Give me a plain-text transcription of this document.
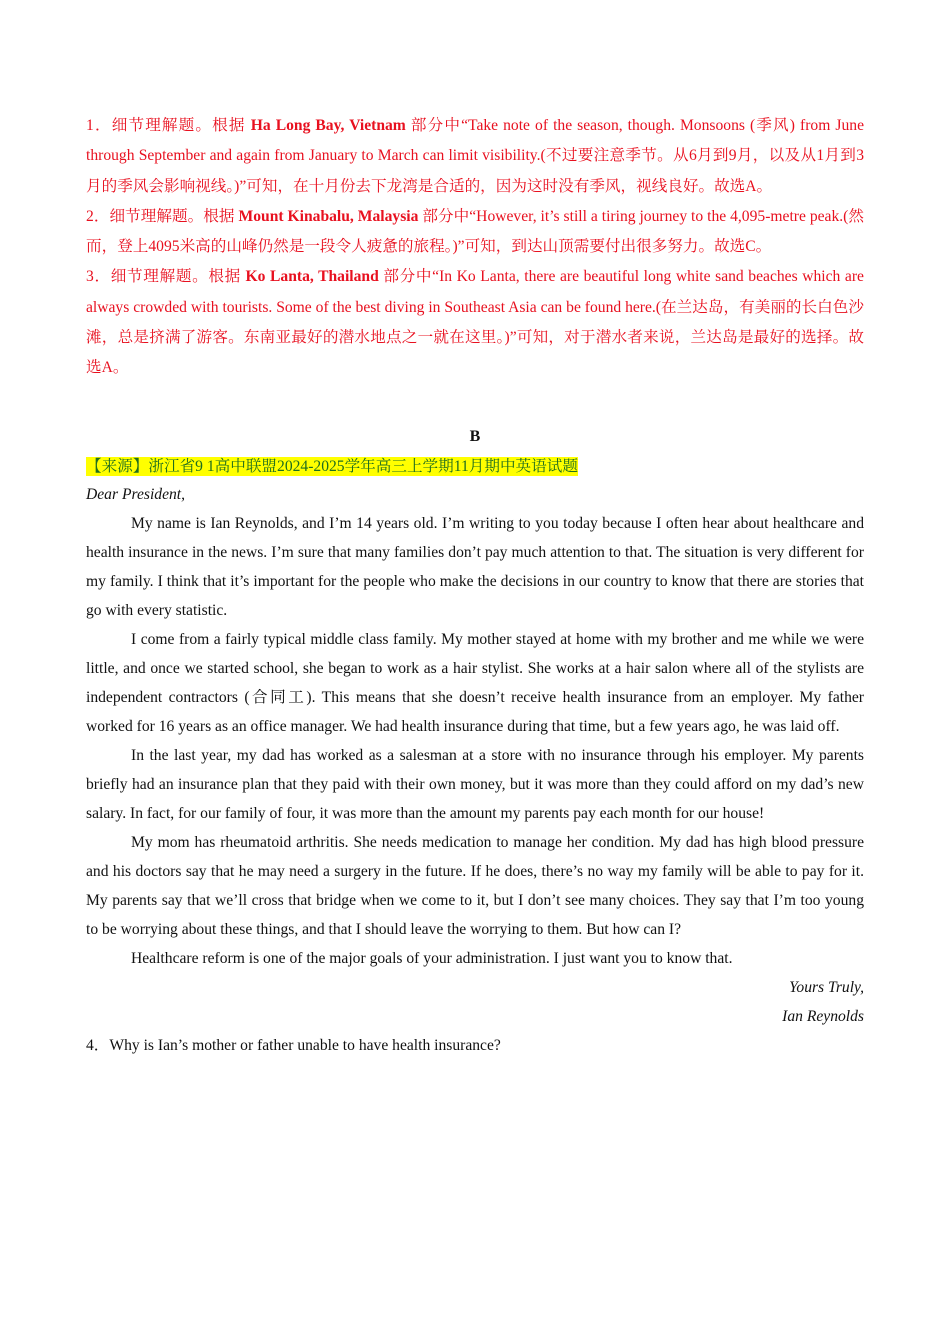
1．细节理解题。根据 Ha Long Bay, Vietnam 部分中“Take note of the season, though. Monsoons (季风) from June through September and again from January to March can limit visibility.(不过要注意季节。从6月到9月，以及从1月到3月的季风会影响视线。)”可知，在十月份去下龙湾是合适的，因为这时没有季风，视线良好。故选A。

2．细节理解题。根据 Mount Kinabalu, Malaysia 部分中“However, it’s still a tiring journey to the 4,095-metre peak.(然而，登上4095米高的山峰仍然是一段令人疲惫的旅程。)”可知，到达山顶需要付出很多努力。故选C。

3．细节理解题。根据 Ko Lanta, Thailand 部分中“In Ko Lanta, there are beautiful long white sand beaches which are always crowded with tourists. Some of the best diving in Southeast Asia can be found here.(在兰达岛，有美丽的长白色沙滩，总是挤满了游客。东南亚最好的潜水地点之一就在这里。)”可知，对于潜水者来说，兰达岛是最好的选择。故选A。

B
【来源】浙江省9 1高中联盟2024-2025学年高三上学期11月期中英语试题

Dear President,

My name is Ian Reynolds, and I’m 14 years old. I’m writing to you today because I often hear about healthcare and health insurance in the news. I’m sure that many families don’t pay much attention to that. The situation is very different for my family. I think that it’s important for the people who make the decisions in our country to know that there are stories that go with every statistic.

I come from a fairly typical middle class family. My mother stayed at home with my brother and me while we were little, and once we started school, she began to work as a hair stylist. She works at a hair salon where all of the stylists are independent contractors (合同工). This means that she doesn’t receive health insurance from an employer. My father worked for 16 years as an office manager. We had health insurance during that time, but a few years ago, he was laid off.

In the last year, my dad has worked as a salesman at a store with no insurance through his employer. My parents briefly had an insurance plan that they paid with their own money, but it was more than they could afford on my dad’s new salary. In fact, for our family of four, it was more than the amount my parents pay each month for our house!

My mom has rheumatoid arthritis. She needs medication to manage her condition. My dad has high blood pressure and his doctors say that he may need a surgery in the future. If he does, there’s no way my family will be able to pay for it. My parents say that we’ll cross that bridge when we come to it, but I don’t see many choices. They say that I’m too young to be worrying about these things, and that I should leave the worrying to them. But how can I?

Healthcare reform is one of the major goals of your administration. I just want you to know that.

Yours Truly,

Ian Reynolds

4．Why is Ian’s mother or father unable to have health insurance?
